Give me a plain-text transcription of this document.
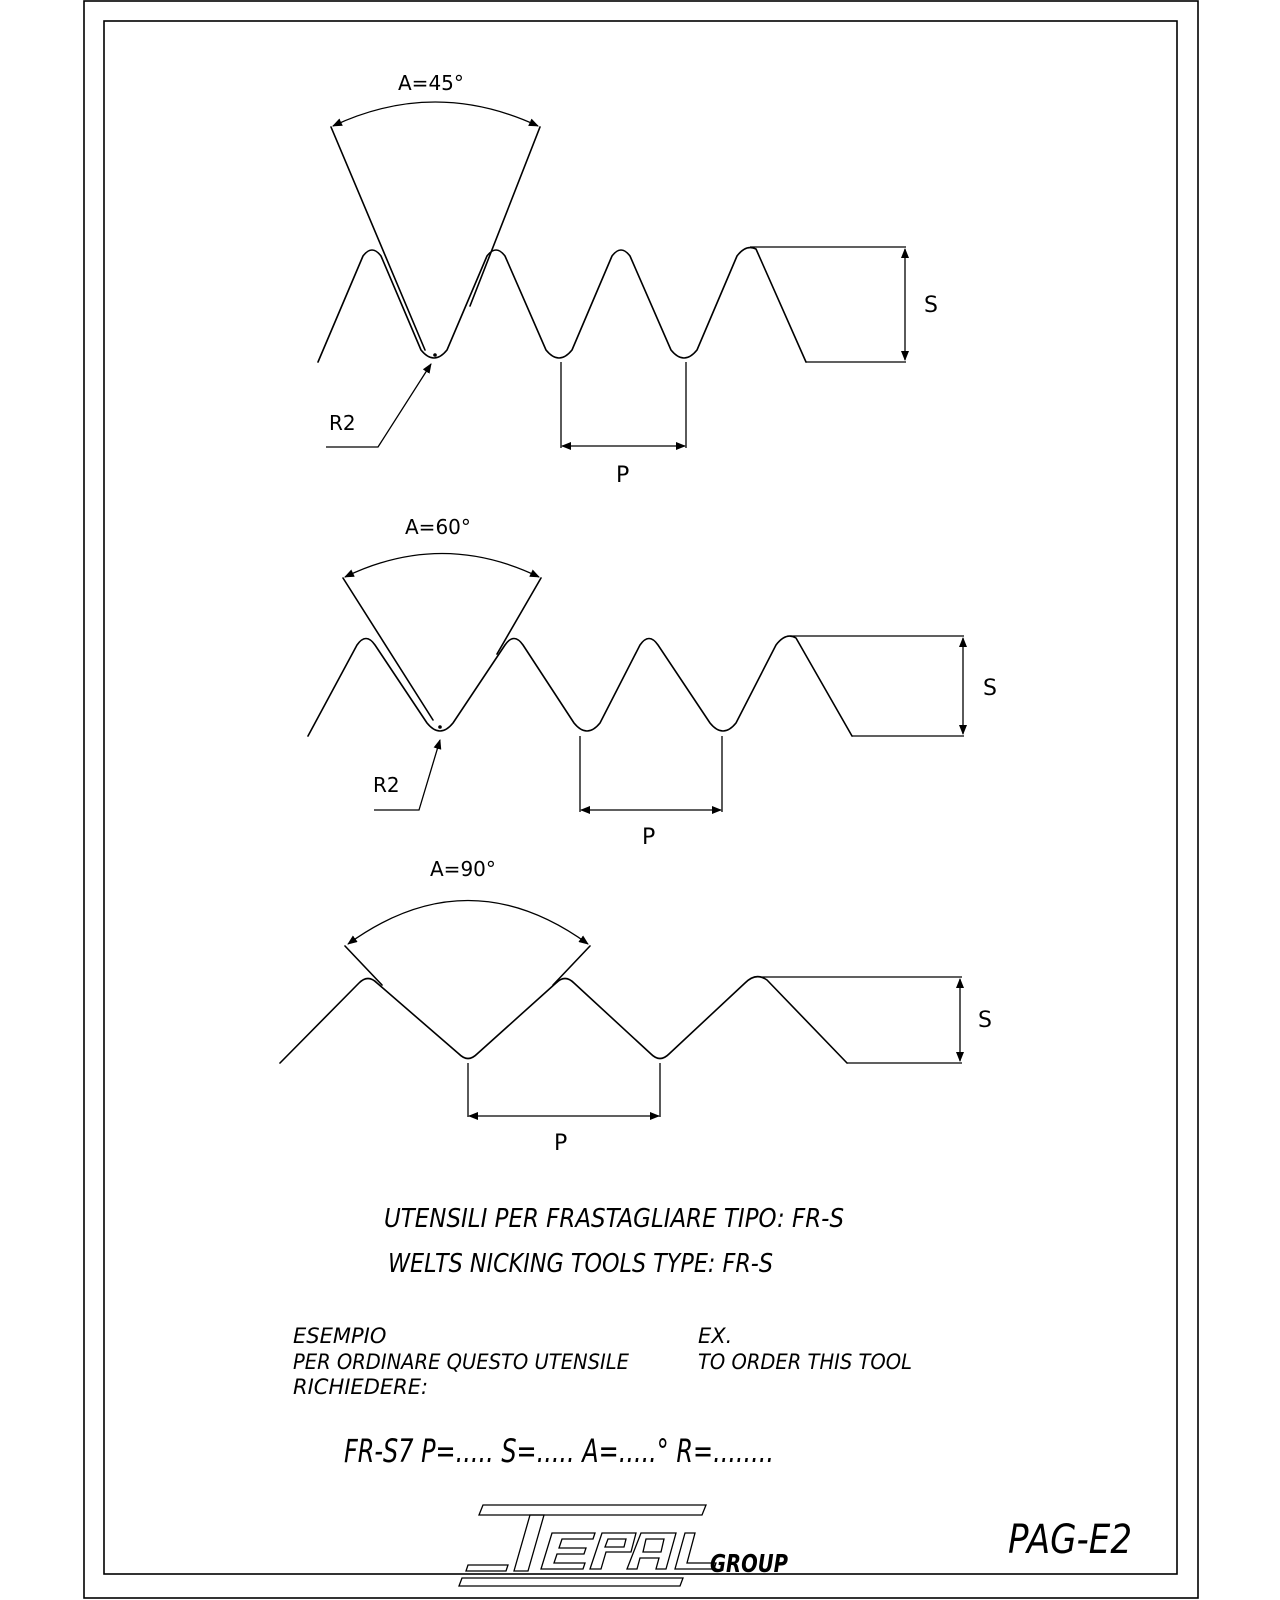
A=45°
R2
P
S
A=60°
R2
P
S
A=90°
P
S
UTENSILI PER FRASTAGLIARE TIPO: FR-S
WELTS NICKING TOOLS TYPE: FR-S
ESEMPIO
PER ORDINARE QUESTO UTENSILE
RICHIEDERE:
EX.
TO ORDER THIS TOOL
FR-S7 P=..... S=..... A=.....° R=........
TEPAL
GROUP
PAG-E2
